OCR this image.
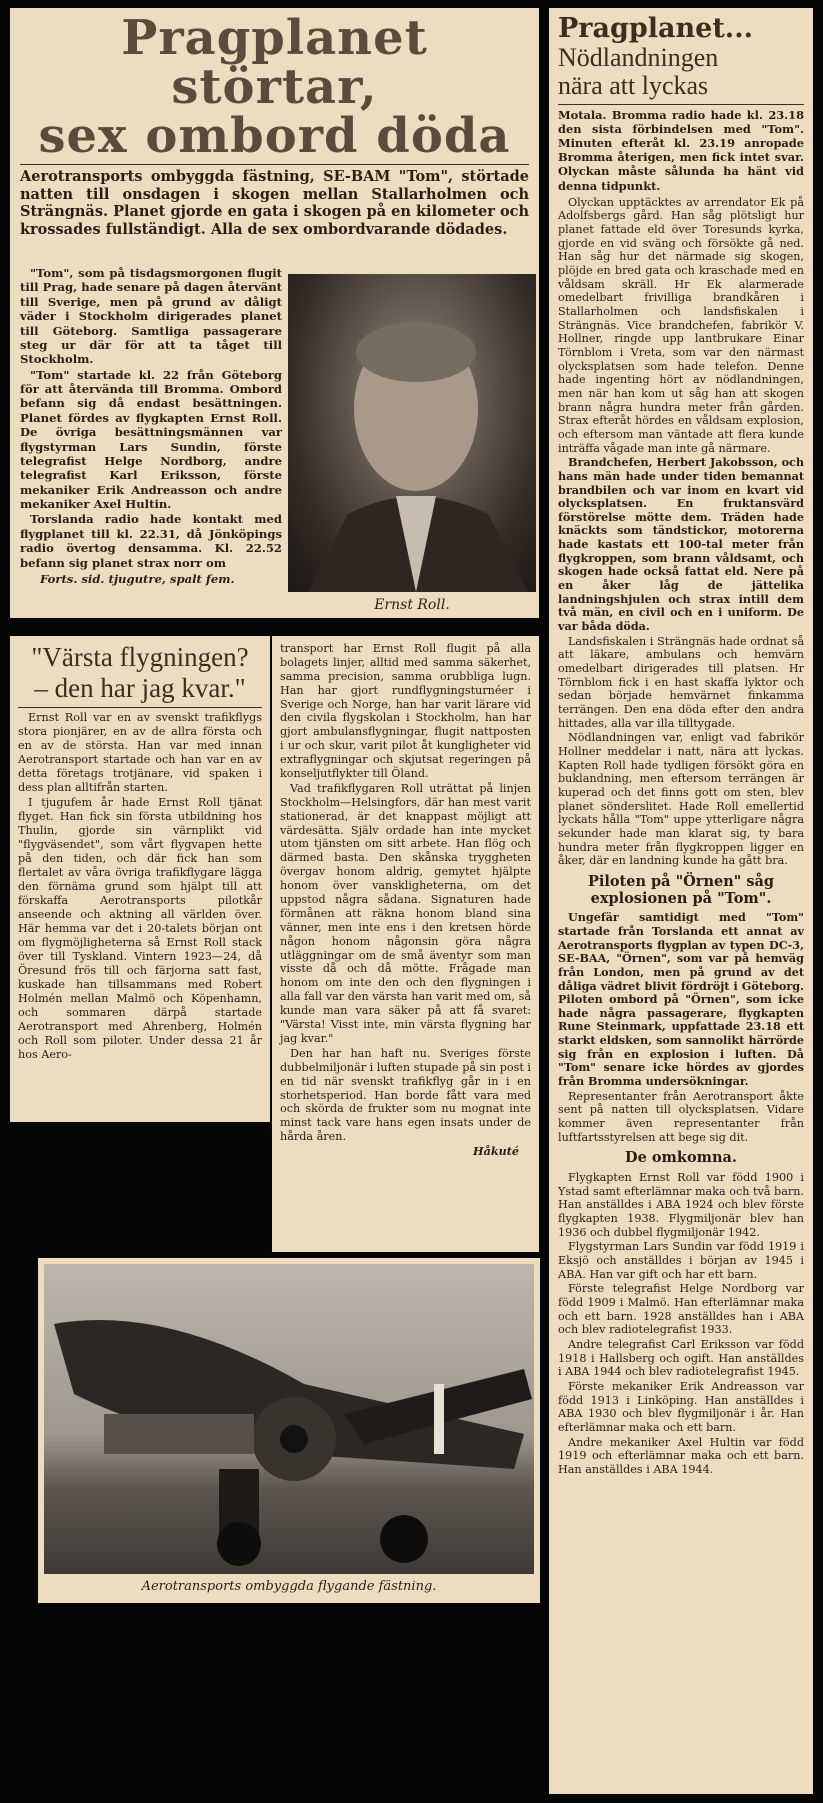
Pragplanet störtar,
sex ombord döda
Aerotransports ombyggda fästning, SE-BAM "Tom", störtade natten till onsdagen i skogen mellan Stallarholmen och Strängnäs. Planet gjorde en gata i skogen på en kilometer och krossades fullständigt. Alla de sex ombordvarande dödades.

"Tom", som på tisdagsmorgonen flugit till Prag, hade senare på dagen återvänt till Sverige, men på grund av dåligt väder i Stockholm dirigerades planet till Göteborg. Samtliga passagerare steg ur där för att ta tåget till Stockholm.

"Tom" startade kl. 22 från Göteborg för att återvända till Bromma. Ombord befann sig då endast besättningen. Planet fördes av flygkapten Ernst Roll. De övriga besättningsmännen var flygstyrman Lars Sundin, förste telegrafist Helge Nordborg, andre telegrafist Karl Eriksson, förste mekaniker Erik Andreasson och andre mekaniker Axel Hultin.

Torslanda radio hade kontakt med flygplanet till kl. 22.31, då Jönköpings radio övertog densamma. Kl. 22.52 befann sig planet strax norr om

Forts. sid. tjugutre, spalt fem.
Ernst Roll.
"Värsta flygningen?
– den har jag kvar."

Ernst Roll var en av svenskt trafikflygs stora pionjärer, en av de allra första och en av de största. Han var med innan Aerotransport startade och han var en av detta företags trotjänare, vid spaken i dess plan alltifrån starten.

I tjugufem år hade Ernst Roll tjänat flyget. Han fick sin första utbildning hos Thulin, gjorde sin värnplikt vid "flygväsendet", som vårt flygvapen hette på den tiden, och där fick han som flertalet av våra övriga trafikflygare lägga den förnäma grund som hjälpt till att förskaffa Aerotransports pilotkår anseende och aktning all världen över. Här hemma var det i 20-talets början ont om flygmöjligheterna så Ernst Roll stack över till Tyskland. Vintern 1923—24, då Öresund frös till och färjorna satt fast, kuskade han tillsammans med Robert Holmén mellan Malmö och Köpenhamn, och sommaren därpå startade Aerotransport med Ahrenberg, Holmén och Roll som piloter. Under dessa 21 år hos Aero-

transport har Ernst Roll flugit på alla bolagets linjer, alltid med samma säkerhet, samma precision, samma orubbliga lugn. Han har gjort rundflygningsturnéer i Sverige och Norge, han har varit lärare vid den civila flygskolan i Stockholm, han har gjort ambulansflygningar, flugit nattposten i ur och skur, varit pilot åt kungligheter vid extraflygningar och skjutsat regeringen på konseljutflykter till Öland.

Vad trafikflygaren Roll uträttat på linjen Stockholm—Helsingfors, där han mest varit stationerad, är det knappast möjligt att värdesätta. Själv ordade han inte mycket utom tjänsten om sitt arbete. Han flög och därmed basta. Den skånska tryggheten övergav honom aldrig, gemytet hjälpte honom över vanskligheterna, om det uppstod några sådana. Signaturen hade förmånen att räkna honom bland sina vänner, men inte ens i den kretsen hörde någon honom någonsin göra några utläggningar om de små äventyr som man visste då och då mötte. Frågade man honom om inte den och den flygningen i alla fall var den värsta han varit med om, så kunde man vara säker på att få svaret: "Värsta! Visst inte, min värsta flygning har jag kvar."

Den har han haft nu. Sveriges förste dubbelmiljonär i luften stupade på sin post i en tid när svenskt trafikflyg går in i en storhetsperiod. Han borde fått vara med och skörda de frukter som nu mognat inte minst tack vare hans egen insats under de hårda åren.

Håkuté
Aerotransports ombyggda flygande fästning.
Pragplanet...
Nödlandningen
nära att lyckas
Motala. Bromma radio hade kl. 23.18 den sista förbindelsen med "Tom". Minuten efteråt kl. 23.19 anropade Bromma återigen, men fick intet svar. Olyckan måste sålunda ha hänt vid denna tidpunkt.

Olyckan upptäcktes av arrendator Ek på Adolfsbergs gård. Han såg plötsligt hur planet fattade eld över Toresunds kyrka, gjorde en vid sväng och försökte gå ned. Han såg hur det närmade sig skogen, plöjde en bred gata och kraschade med en våldsam skräll. Hr Ek alarmerade omedelbart frivilliga brandkåren i Stallarholmen och landsfiskalen i Strängnäs. Vice brandchefen, fabrikör V. Hollner, ringde upp lantbrukare Einar Törnblom i Vreta, som var den närmast olycksplatsen som hade telefon. Denne hade ingenting hört av nödlandningen, men när han kom ut såg han att skogen brann några hundra meter från gården. Strax efteråt hördes en våldsam explosion, och eftersom man väntade att flera kunde inträffa vågade man inte gå närmare.

Brandchefen, Herbert Jakobsson, och hans män hade under tiden bemannat brandbilen och var inom en kvart vid olycksplatsen. En fruktansvärd förstörelse mötte dem. Träden hade knäckts som tändstickor, motorerna hade kastats ett 100-tal meter från flygkroppen, som brann våldsamt, och skogen hade också fattat eld. Nere på en åker låg de jättelika landningshjulen och strax intill dem två män, en civil och en i uniform. De var båda döda.

Landsfiskalen i Strängnäs hade ordnat så att läkare, ambulans och hemvärn omedelbart dirigerades till platsen. Hr Törnblom fick i en hast skaffa lyktor och sedan började hemvärnet finkamma terrängen. Den ena döda efter den andra hittades, alla var illa tilltygade.

Nödlandningen var, enligt vad fabrikör Hollner meddelar i natt, nära att lyckas. Kapten Roll hade tydligen försökt göra en buklandning, men eftersom terrängen är kuperad och det finns gott om sten, blev planet sönderslitet. Hade Roll emellertid lyckats hålla "Tom" uppe ytterligare några sekunder hade man klarat sig, ty bara hundra meter från flygkroppen ligger en åker, där en landning kunde ha gått bra.

Piloten på "Örnen" såg
explosionen på "Tom".

Ungefär samtidigt med "Tom" startade från Torslanda ett annat av Aerotransports flygplan av typen DC-3, SE-BAA, "Örnen", som var på hemväg från London, men på grund av det dåliga vädret blivit fördröjt i Göteborg. Piloten ombord på "Örnen", som icke hade några passagerare, flygkapten Rune Steinmark, uppfattade 23.18 ett starkt eldsken, som sannolikt härrörde sig från en explosion i luften. Då "Tom" senare icke hördes av gjordes från Bromma undersökningar.

Representanter från Aerotransport åkte sent på natten till olycksplatsen. Vidare kommer även representanter från luftfartsstyrelsen att bege sig dit.

De omkomna.

Flygkapten Ernst Roll var född 1900 i Ystad samt efterlämnar maka och två barn. Han anställdes i ABA 1924 och blev förste flygkapten 1938. Flygmiljonär blev han 1936 och dubbel flygmiljonär 1942.

Flygstyrman Lars Sundin var född 1919 i Eksjö och anställdes i början av 1945 i ABA. Han var gift och har ett barn.

Förste telegrafist Helge Nordborg var född 1909 i Malmö. Han efterlämnar maka och ett barn. 1928 anställdes han i ABA och blev radiotelegrafist 1933.

Andre telegrafist Carl Eriksson var född 1918 i Hallsberg och ogift. Han anställdes i ABA 1944 och blev radiotelegrafist 1945.

Förste mekaniker Erik Andreasson var född 1913 i Linköping. Han anställdes i ABA 1930 och blev flygmiljonär i år. Han efterlämnar maka och ett barn.

Andre mekaniker Axel Hultin var född 1919 och efterlämnar maka och ett barn. Han anställdes i ABA 1944.
